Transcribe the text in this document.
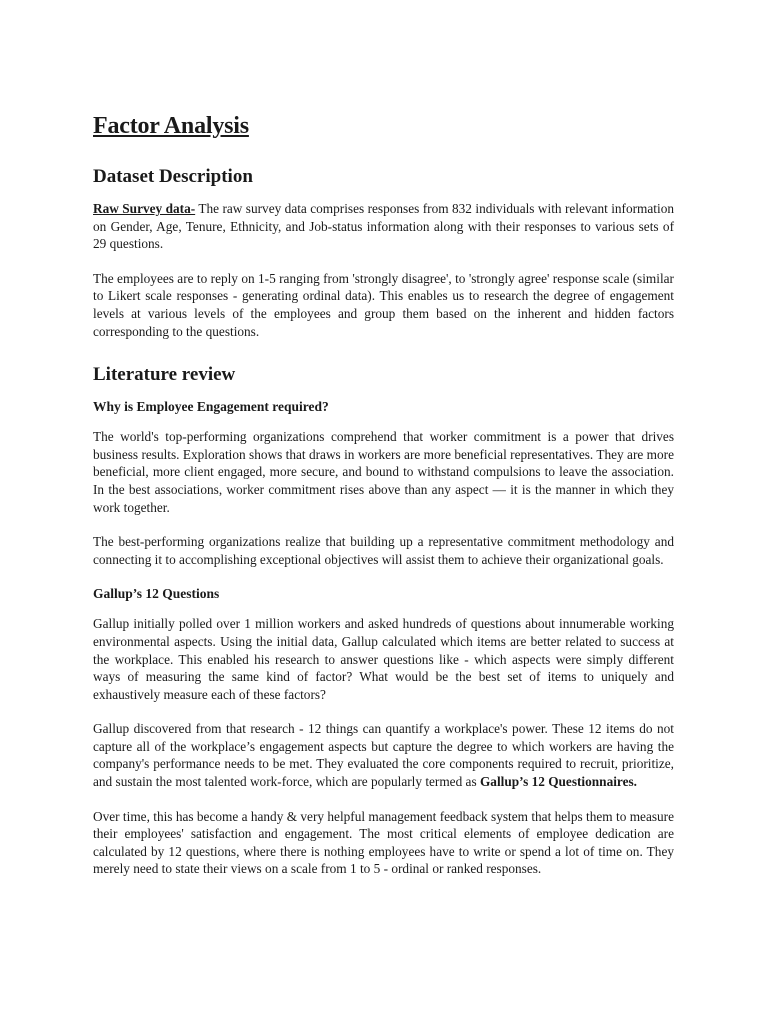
Factor Analysis
Dataset Description

Raw Survey data- The raw survey data comprises responses from 832 individuals with relevant information on Gender, Age, Tenure, Ethnicity, and Job-status information along with their responses to various sets of 29 questions.

The employees are to reply on 1-5 ranging from 'strongly disagree', to 'strongly agree' response scale (similar to Likert scale responses - generating ordinal data). This enables us to research the degree of engagement levels at various levels of the employees and group them based on the inherent and hidden factors corresponding to the questions.

Literature review
Why is Employee Engagement required?

The world's top-performing organizations comprehend that worker commitment is a power that drives business results. Exploration shows that draws in workers are more beneficial representatives. They are more beneficial, more client engaged, more secure, and bound to withstand compulsions to leave the association. In the best associations, worker commitment rises above than any aspect — it is the manner in which they work together.

The best-performing organizations realize that building up a representative commitment methodology and connecting it to accomplishing exceptional objectives will assist them to achieve their organizational goals.

Gallup’s 12 Questions

Gallup initially polled over 1 million workers and asked hundreds of questions about innumerable working environmental aspects. Using the initial data, Gallup calculated which items are better related to success at the workplace. This enabled his research to answer questions like - which aspects were simply different ways of measuring the same kind of factor? What would be the best set of items to uniquely and exhaustively measure each of these factors?

Gallup discovered from that research - 12 things can quantify a workplace's power. These 12 items do not capture all of the workplace’s engagement aspects but capture the degree to which workers are having the company's performance needs to be met. They evaluated the core components required to recruit, prioritize, and sustain the most talented work-force, which are popularly termed as Gallup’s 12 Questionnaires.

Over time, this has become a handy & very helpful management feedback system that helps them to measure their employees' satisfaction and engagement. The most critical elements of employee dedication are calculated by 12 questions, where there is nothing employees have to write or spend a lot of time on. They merely need to state their views on a scale from 1 to 5 - ordinal or ranked responses.
